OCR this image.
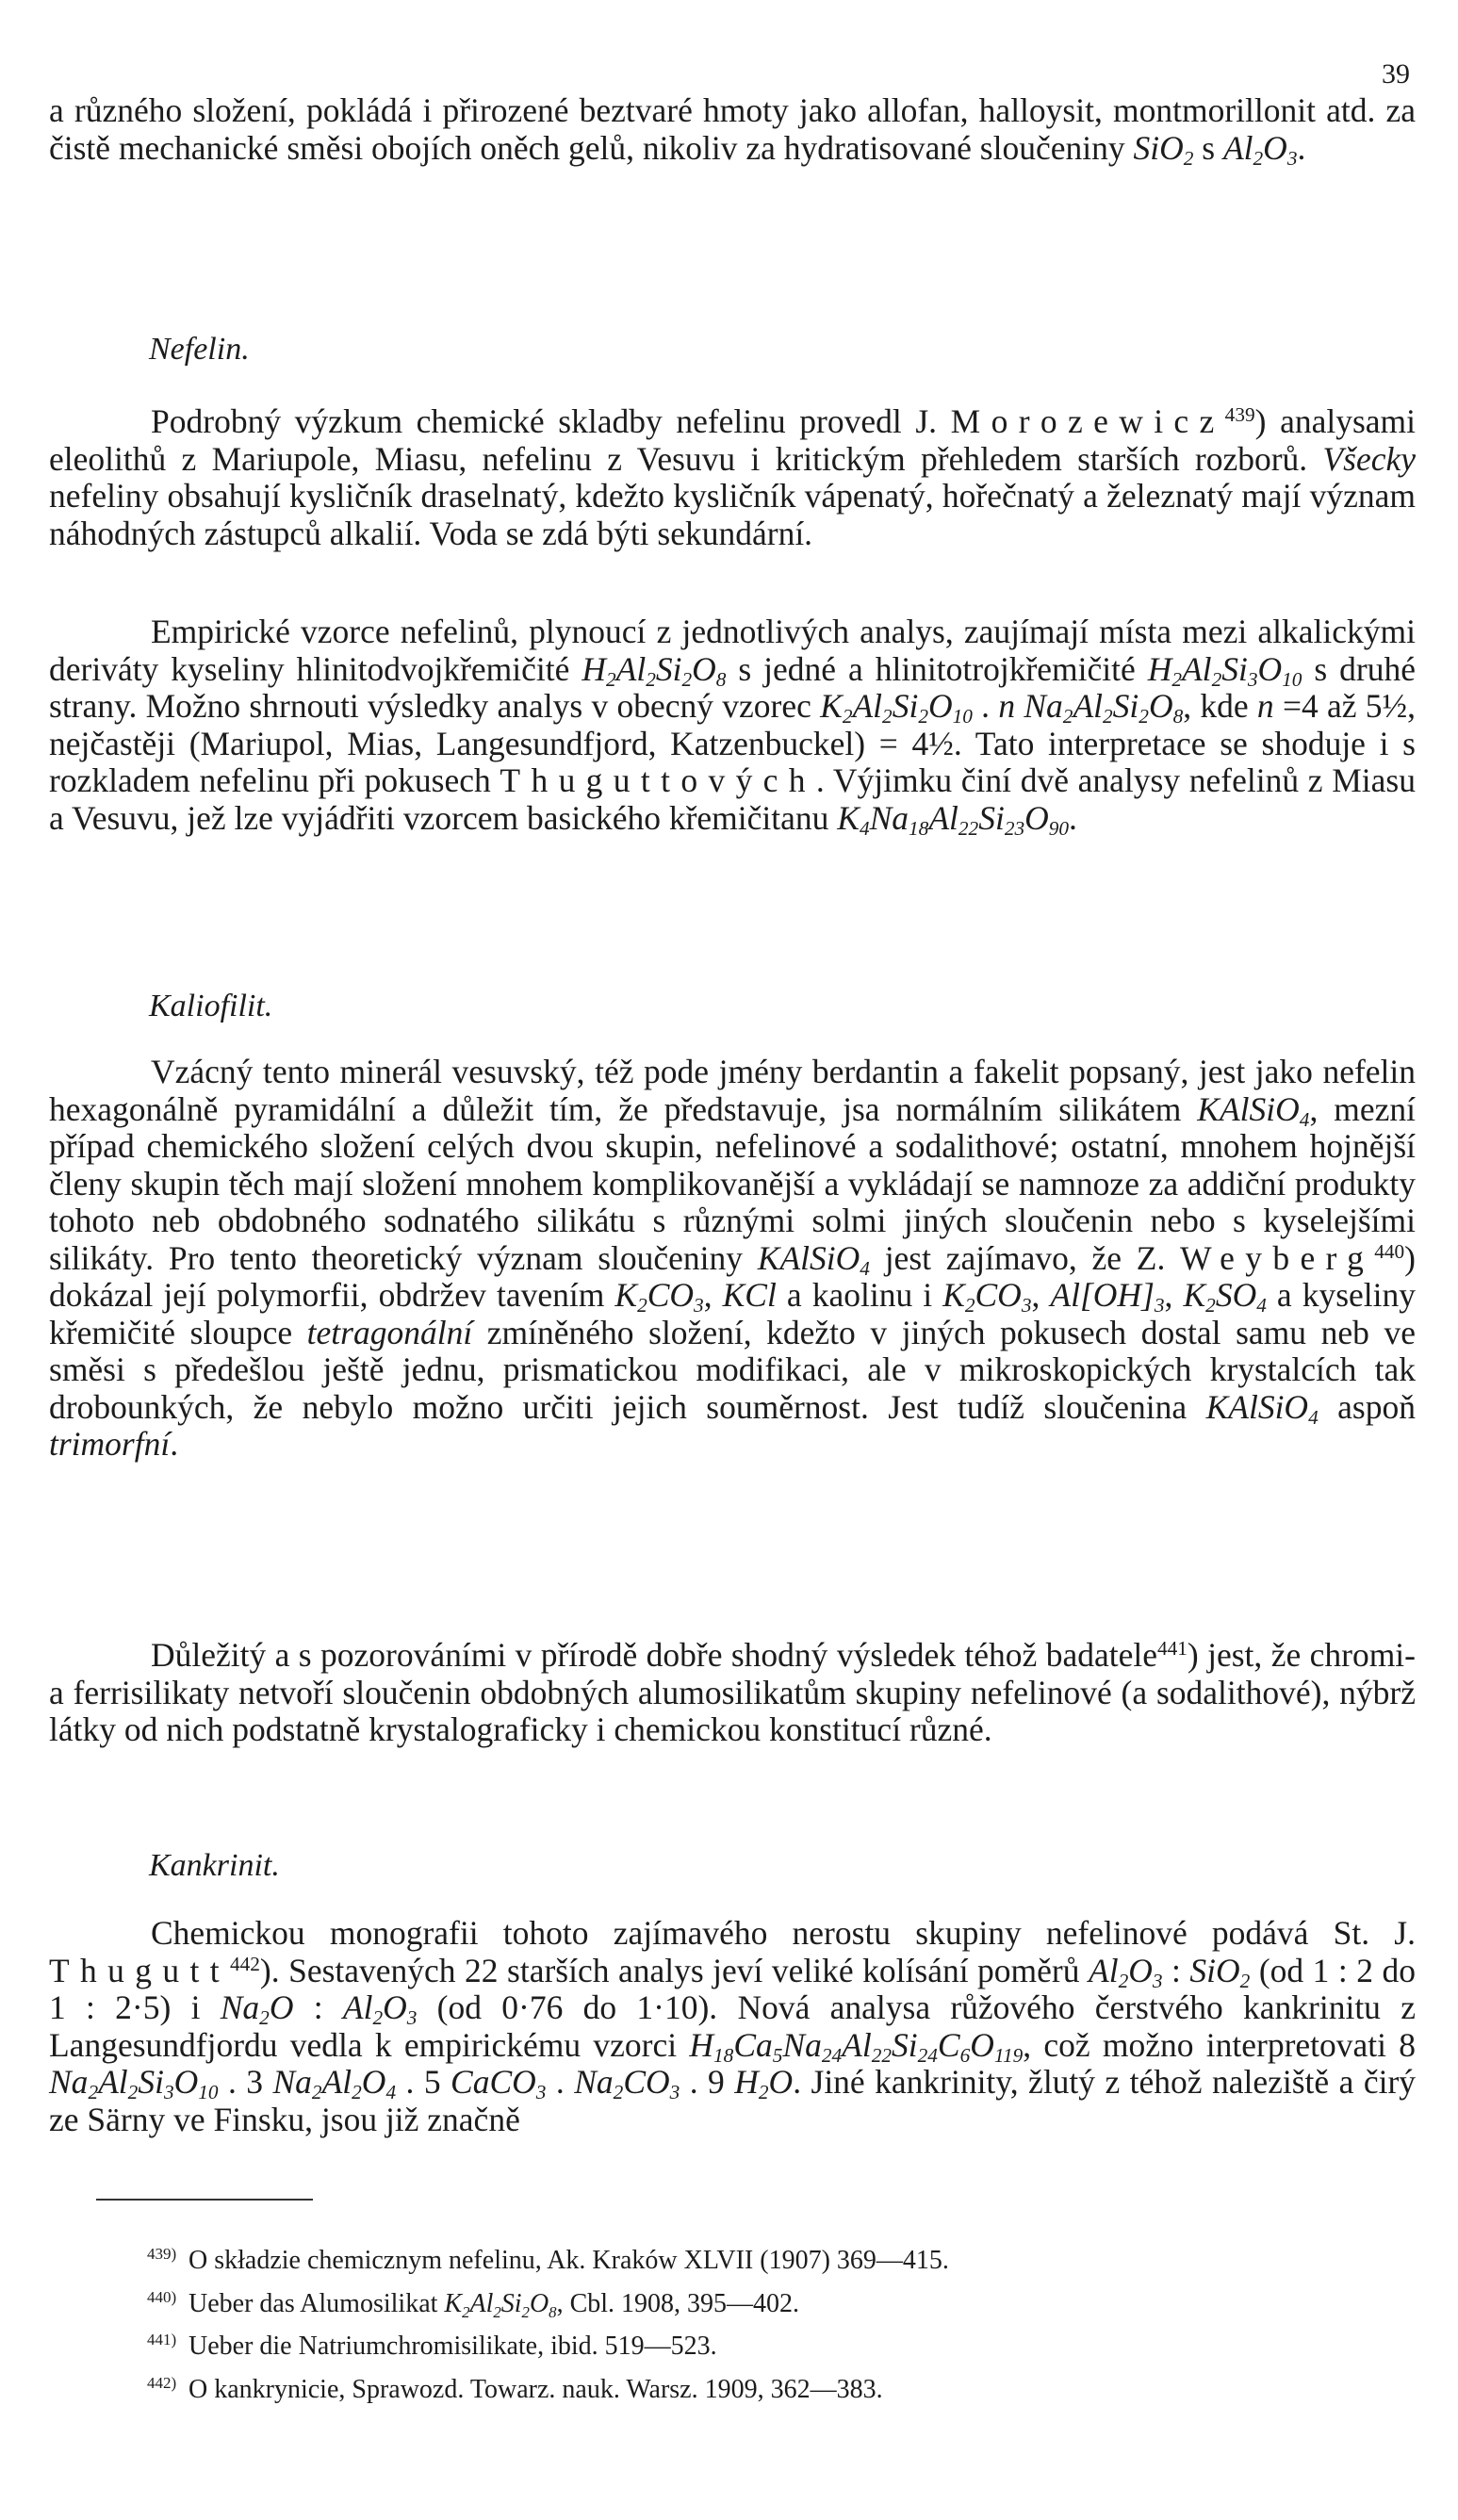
39

a různého složení, pokládá i přirozené beztvaré hmoty jako allofan, halloysit, montmorillonit atd. za čistě mechanické směsi obojích oněch gelů, nikoliv za hydratisované sloučeniny SiO$_2$ s $Al_2O_3$.

Nefelin.

Podrobný výzkum chemické skladby nefelinu provedl J. Morozewicz$^{439}$) analysami eleolithů z Mariupole, Miasu, nefelinu z Vesuvu i kritickým přehledem starších rozborů. Všecky nefeliny obsahují kysličník draselnatý, kdežto kysličník vápenatý, hořečnatý a železnatý mají význam náhodných zástupců alkalií. Voda se zdá býti sekundární.

Empirické vzorce nefelinů, plynoucí z jednotlivých analys, zaujímají místa mezi alkalickými deriváty kyseliny hlinitodvojkřemičité $H_2Al_2Si_2O_8$ s jedné a hlinitotrojkřemičité $H_2Al_2Si_3O_{10}$ s druhé strany. Možno shrnouti výsledky analys v obecný vzorec $K_2Al_2Si_2O_{10}$ . n $Na_2Al_2Si_2O_8$, kde n =4 až 5½, nejčastěji (Mariupol, Mias, Langesundfjord, Katzenbuckel) = 4½. Tato interpretace se shoduje i s rozkladem nefelinu při pokusech Thuguttových. Výjimku činí dvě analysy nefelinů z Miasu a Vesuvu, jež lze vyjádřiti vzorcem basického křemičitanu $K_4Na_{18}Al_{22}Si_{23}O_{90}$.

Kaliofilit.

Vzácný tento minerál vesuvský, též pode jmény berdantin a fakelit popsaný, jest jako nefelin hexagonálně pyramidální a důležit tím, že představuje, jsa normálním silikátem KAlSiO$_4$, mezní případ chemického složení celých dvou skupin, nefelinové a sodalithové; ostatní, mnohem hojnější členy skupin těch mají složení mnohem komplikovanější a vykládají se namnoze za addiční produkty tohoto neb obdobného sodnatého silikátu s různými solmi jiných sloučenin nebo s kyselejšími silikáty. Pro tento theoretický význam sloučeniny KAlSiO$_4$ jest zajímavo, že Z. Weyberg$^{440}$) dokázal její polymorfii, obdržev tavením $K_2CO_3$, KCl a kaolinu i $K_2CO_3$, $Al[OH]_3$, $K_2SO_4$ a kyseliny křemičité sloupce tetragonální zmíněného složení, kdežto v jiných pokusech dostal samu neb ve směsi s předešlou ještě jednu, prismatickou modifikaci, ale v mikroskopických krystalcích tak drobounkých, že nebylo možno určiti jejich souměrnost. Jest tudíž sloučenina KAlSiO$_4$ aspoň trimorfní.

Důležitý a s pozorováními v přírodě dobře shodný výsledek téhož badatele$^{441}$) jest, že chromi- a ferrisilikaty netvoří sloučenin obdobných alumosilikatům skupiny nefelinové (a sodalithové), nýbrž látky od nich podstatně krystalograficky i chemickou konstitucí různé.

Kankrinit.

Chemickou monografii tohoto zajímavého nerostu skupiny nefelinové podává St. J. Thugutt$^{442}$). Sestavených 22 starších analys jeví veliké kolísání poměrů $Al_2O_3$ : SiO$_2$ (od 1 : 2 do 1 : 2·5) i $Na_2O$ : $Al_2O_3$ (od 0·76 do 1·10). Nová analysa růžového čerstvého kankrinitu z Langesundfjordu vedla k empirickému vzorci $H_{18}Ca_5Na_{24}Al_{22}Si_{24}C_6O_{119}$, což možno interpretovati 8 $Na_2Al_2Si_3O_{10}$ . 3 $Na_2Al_2O_4$ . 5 CaCO$_3$ . $Na_2CO_3$ . 9 $H_2O$. Jiné kankrinity, žlutý z téhož naleziště a čirý ze Särny ve Finsku, jsou již značně

439) O składzie chemicznym nefelinu, Ak. Kraków XLVII (1907) 369—415.
440) Ueber das Alumosilikat $K_2Al_2Si_2O_8$, Cbl. 1908, 395—402.
441) Ueber die Natriumchromisilikate, ibid. 519—523.
442) O kankrynicie, Sprawozd. Towarz. nauk. Warsz. 1909, 362—383.
